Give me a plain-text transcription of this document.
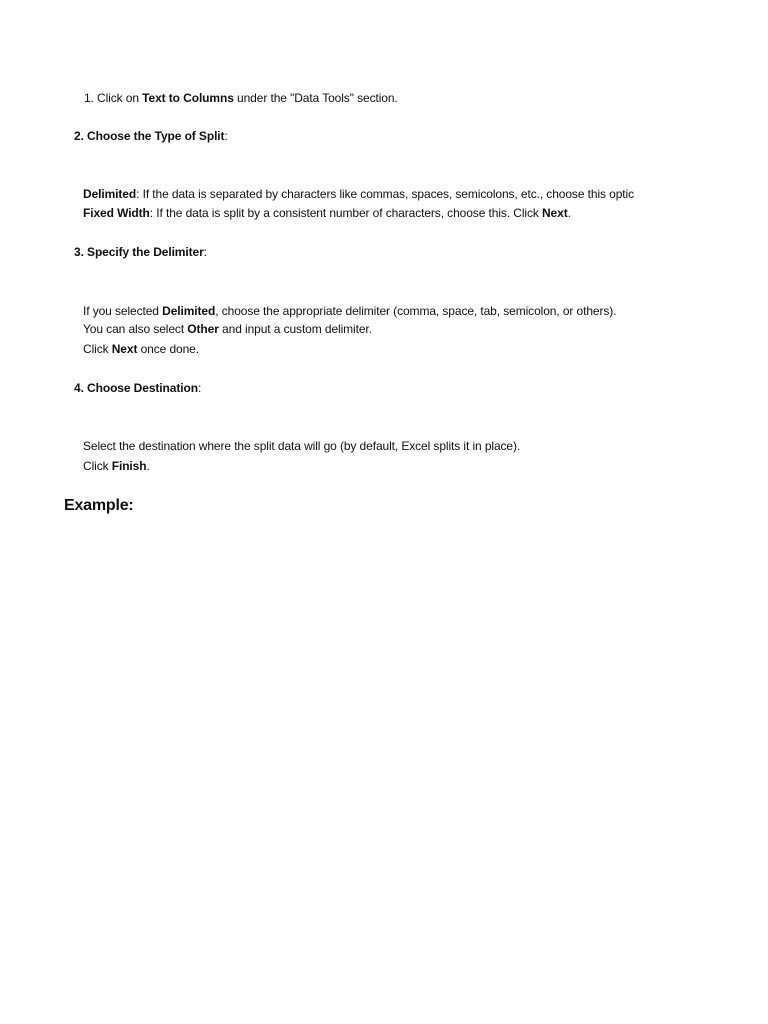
1. Click on Text to Columns under the "Data Tools" section.
2. Choose the Type of Split:
Delimited: If the data is separated by characters like commas, spaces, semicolons, etc., choose this optic
Fixed Width: If the data is split by a consistent number of characters, choose this. Click Next.
3. Specify the Delimiter:
If you selected Delimited, choose the appropriate delimiter (comma, space, tab, semicolon, or others).
You can also select Other and input a custom delimiter.
Click Next once done.
4. Choose Destination:
Select the destination where the split data will go (by default, Excel splits it in place).
Click Finish.
Example:
